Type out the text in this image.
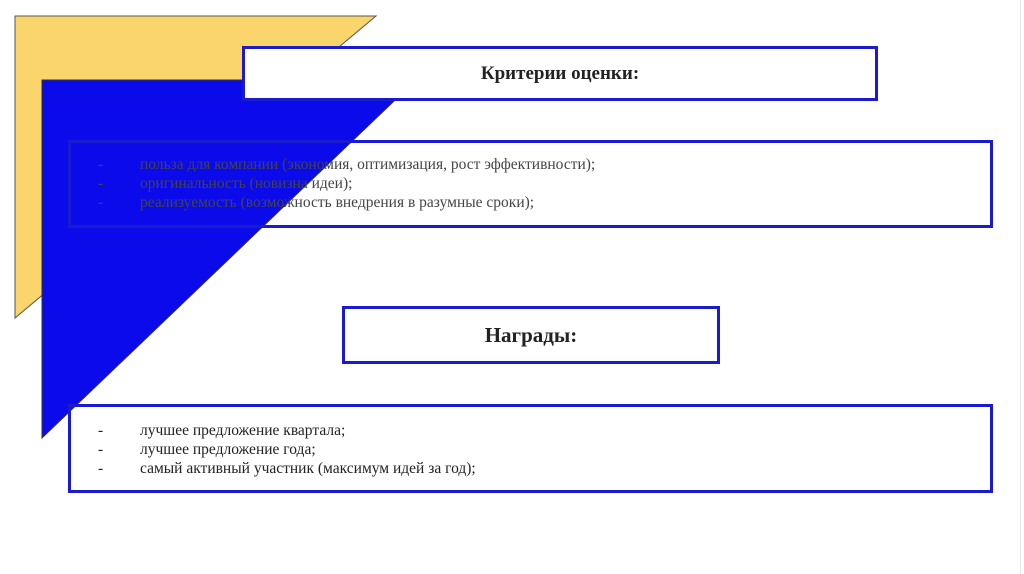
Критерии оценки:
-	польза для компании (экономия, оптимизация, рост эффективности);
-	оригинальность (новизна идеи);
-	реализуемость (возможность внедрения в разумные сроки);
Награды:
-	лучшее предложение квартала;
-	лучшее предложение года;
-	самый активный участник (максимум идей за год);
